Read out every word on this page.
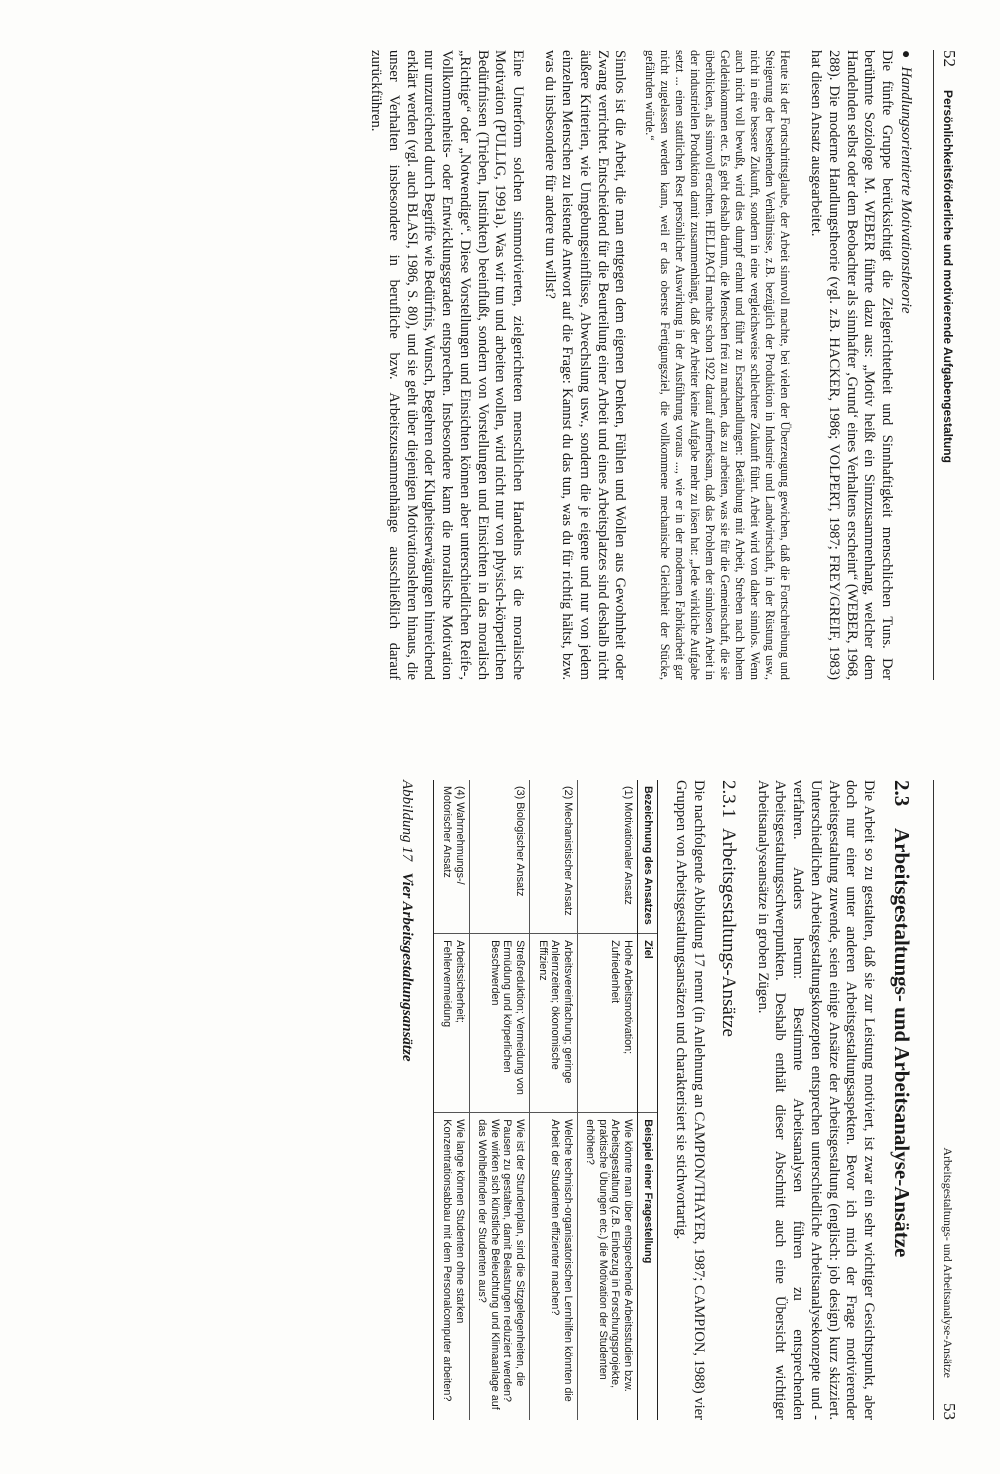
52
Persönlichkeitsförderliche und motivierende Aufgabengestaltung
●Handlungsorientierte Motivationstheorie

Die fünfte Gruppe berücksichtigt die Zielgerichtetheit und Sinnhaftigkeit menschlichen Tuns. Der berühmte Soziologe M. WEBER führte dazu aus: „Motiv heißt ein Sinnzusammenhang, welcher dem Handelnden selbst oder dem Beobachter als sinnhafter ‚Grund‘ eines Verhaltens erscheint“ (WEBER, 1968, 288). Die moderne Handlungstheorie (vgl. z.B. HACKER, 1986; VOLPERT, 1987; FREY/GREIF, 1983) hat diesen Ansatz ausgearbeitet.

Heute ist der Fortschrittsglaube, der Arbeit sinnvoll machte, bei vielen der Überzeugung gewichen, daß die Fortschreibung und Steigerung der bestehenden Verhältnisse, z.B. bezüglich der Produktion in Industrie und Landwirtschaft, in der Rüstung usw., nicht in eine bessere Zukunft, sondern in eine vergleichsweise schlechtere Zukunft führt. Arbeit wird von daher sinnlos. Wenn auch nicht voll bewußt, wird dies dumpf erahnt und führt zu Ersatzhandlungen: Betäubung mit Arbeit, Streben nach hohem Geldeinkommen etc. Es geht deshalb darum, die Menschen frei zu machen, das zu arbeiten, was sie für die Gemeinschaft, die sie überblicken, als sinnvoll erachten. HELLPACH machte schon 1922 darauf aufmerksam, daß das Problem der sinnlosen Arbeit in der industriellen Produktion damit zusammenhängt, daß der Arbeiter keine Aufgabe mehr zu lösen hat: „Jede wirkliche Aufgabe setzt ... einen stattlichen Rest persönlicher Auswirkung in der Ausführung voraus ..., wie er in der modernen Fabrikarbeit gar nicht zugelassen werden kann, weil er das oberste Fertigungsziel, die vollkommene mechanische Gleichheit der Stücke, gefährden würde.“

Sinnlos ist die Arbeit, die man entgegen dem eigenen Denken, Fühlen und Wollen aus Gewohnheit oder Zwang verrichtet. Entscheidend für die Beurteilung einer Arbeit und eines Arbeitsplatzes sind deshalb nicht äußere Kriterien, wie Umgebungseinflüsse, Abwechslung usw., sondern die je eigene und nur von jedem einzelnen Menschen zu leistende Antwort auf die Frage: Kannst du das tun, was du für richtig hältst, bzw. was du insbesondere für andere tun willst?

Eine Unterform solchen sinnmotivierten, zielgerichteten menschlichen Handelns ist die moralische Motivation (PULLIG, 1991a). Was wir tun und arbeiten wollen, wird nicht nur von physisch-körperlichen Bedürfnissen (Trieben, Instinkten) beeinflußt, sondern von Vorstellungen und Einsichten in das moralisch „Richtige“ oder „Notwendige“. Diese Vorstellungen und Einsichten können aber unterschiedlichen Reife-, Vollkommenheits- oder Entwicklungsgraden entsprechen. Insbesondere kann die moralische Motivation nur unzureichend durch Begriffe wie Bedürfnis, Wunsch, Begehren oder Klugheitserwägungen hinreichend erklärt werden (vgl. auch BLASI, 1986, S. 80), und sie geht über diejenigen Motivationslehren hinaus, die unser Verhalten insbesondere in berufliche bzw. Arbeitszusammenhänge ausschließlich darauf zurückführen.

Arbeitsgestaltungs- und Arbeitsanalyse-Ansätze
53
2.3Arbeitsgestaltungs- und Arbeitsanalyse-Ansätze

Die Arbeit so zu gestalten, daß sie zur Leistung motiviert, ist zwar ein sehr wichtiger Gesichtspunkt, aber doch nur einer unter anderen Arbeitsgestaltungsaspekten. Bevor ich mich der Frage motivierender Arbeitsgestaltung zuwende, seien einige Ansätze der Arbeitsgestaltung (englisch: job design) kurz skizziert. Unterschiedlichen Arbeitsgestaltungskonzepten entsprechen unterschiedliche Arbeitsanalysekonzepte und -verfahren. Anders herum: Bestimmte Arbeitsanalysen führen zu entsprechenden Arbeitsgestaltungsschwerpunkten. Deshalb enthält dieser Abschnitt auch eine Übersicht wichtiger Arbeitsanalyseansätze in groben Zügen.

2.3.1Arbeitsgestaltungs-Ansätze

Die nachfolgende Abbildung 17 nennt (in Anlehnung an CAMPION/THAYER, 1987; CAMPION, 1988) vier Gruppen von Arbeitsgestaltungsansätzen und charakterisiert sie stichwortartig.

Bezeichnung des Ansatzes	Ziel	Beispiel einer Fragestellung
(1) Motivationaler Ansatz	Hohe Arbeitsmotivation; Zufriedenheit	Wie könnte man über entsprechende Arbeitsstudien bzw. Arbeitsgestaltung (z.B. Einbezug in Forschungsprojekte, praktische Übungen etc.) die Motivation der Studenten erhöhen?
(2) Mechanistischer Ansatz	Arbeitsvereinfachung; geringe Anlernzeiten; ökonomische Effizienz	Welche technisch-organisatorischen Lernhilfen könnten die Arbeit der Studenten effizienter machen?
(3) Biologischer Ansatz	Streßreduktion; Vermeidung von Ermüdung und körperlichen Beschwerden	Wie ist der Stundenplan, sind die Sitzgelegenheiten, die Pausen zu gestalten, damit Belastungen reduziert werden? Wie wirken sich künstliche Beleuchtung und Klimaanlage auf das Wohlbefinden der Studenten aus?
(4) Wahrnehmungs-/ Motorischer Ansatz	Arbeitssicherheit; Fehlervermeidung	Wie lange können Studenten ohne starken Konzentrationsabbau mit dem Personalcomputer arbeiten?
Abbildung 17   Vier Arbeitsgestaltungsansätze
